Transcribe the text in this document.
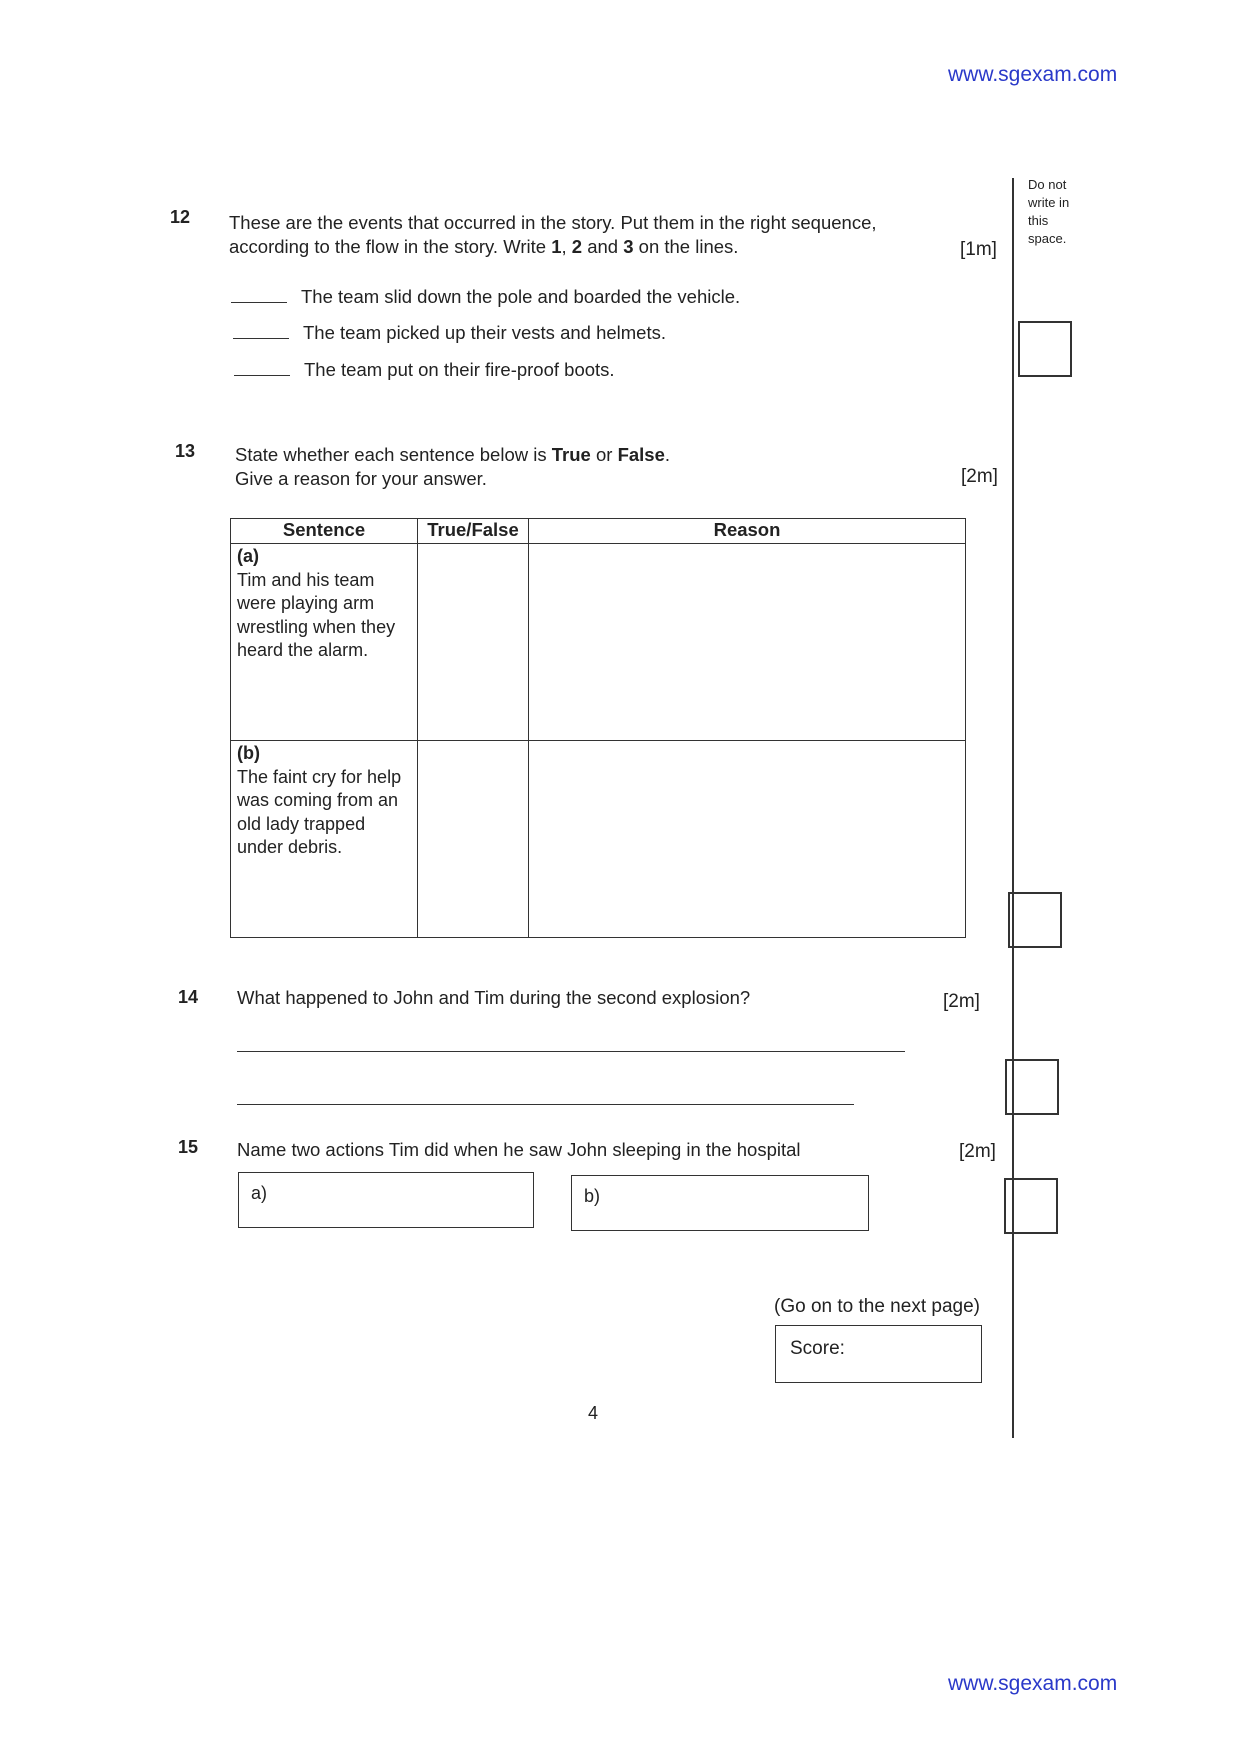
www.sgexam.com
Do not
write in
this
space.
12 These are the events that occurred in the story. Put them in the right sequence,
according to the flow in the story. Write 1, 2 and 3 on the lines.	[1m]
The team slid down the pole and boarded the vehicle.
The team picked up their vests and helmets.
The team put on their fire-proof boots.
13 State whether each sentence below is True or False.
Give a reason for your answer.	[2m]
Sentence	True/False	Reason

(a)
Tim and his team were playing arm wrestling when they heard the alarm.		

(b)
The faint cry for help was coming from an old lady trapped under debris.		

14 What happened to John and Tim during the second explosion?	[2m]
15 Name two actions Tim did when he saw John sleeping in the hospital	[2m]
a)	b)
(Go on to the next page)
Score:
4
www.sgexam.com
